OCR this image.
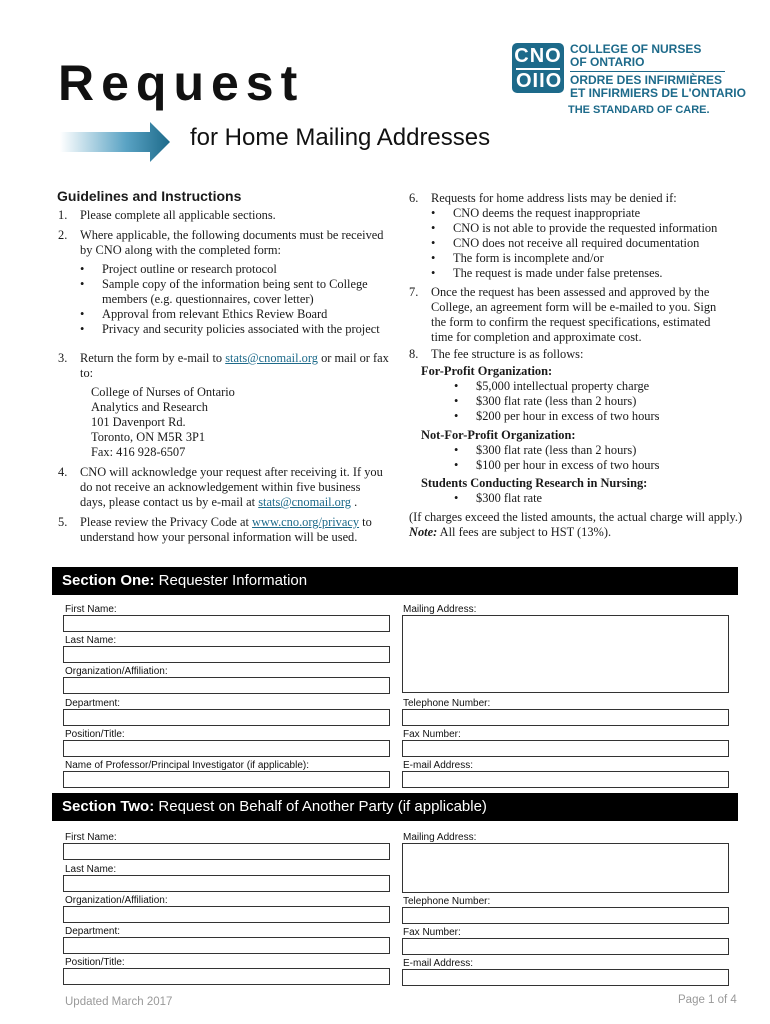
Request
for Home Mailing Addresses
CNO
OIIO
COLLEGE OF NURSES
OF ONTARIO
ORDRE DES INFIRMIÈRES
ET INFIRMIERS DE L'ONTARIO
THE STANDARD OF CARE.
Guidelines and Instructions
1. Please complete all applicable sections.
2. Where applicable, the following documents must be received
by CNO along with the completed form:
• Project outline or research protocol
• Sample copy of the information being sent to College
members (e.g. questionnaires, cover letter)
• Approval from relevant Ethics Review Board
• Privacy and security policies associated with the project
3. Return the form by e-mail to stats@cnomail.org or mail or fax
to:
College of Nurses of Ontario
Analytics and Research
101 Davenport Rd.
Toronto, ON M5R 3P1
Fax: 416 928-6507
4. CNO will acknowledge your request after receiving it. If you
do not receive an acknowledgement within five business
days, please contact us by e-mail at stats@cnomail.org .
5. Please review the Privacy Code at www.cno.org/privacy to
understand how your personal information will be used.
6. Requests for home address lists may be denied if:
• CNO deems the request inappropriate
• CNO is not able to provide the requested information
• CNO does not receive all required documentation
• The form is incomplete and/or
• The request is made under false pretenses.
7. Once the request has been assessed and approved by the
College, an agreement form will be e-mailed to you. Sign
the form to confirm the request specifications, estimated
time for completion and approximate cost.
8. The fee structure is as follows:
For-Profit Organization:
• $5,000 intellectual property charge
• $300 flat rate (less than 2 hours)
• $200 per hour in excess of two hours
Not-For-Profit Organization:
• $300 flat rate (less than 2 hours)
• $100 per hour in excess of two hours
Students Conducting Research in Nursing:
• $300 flat rate
(If charges exceed the listed amounts, the actual charge will apply.)
Note: All fees are subject to HST (13%).
Section One: Requester Information
First Name:
Last Name:
Organization/Affiliation:
Department:
Position/Title:
Name of Professor/Principal Investigator (if applicable):
Mailing Address:
Telephone Number:
Fax Number:
E-mail Address:
Section Two: Request on Behalf of Another Party (if applicable)
First Name:
Last Name:
Organization/Affiliation:
Department:
Position/Title:
Mailing Address:
Telephone Number:
Fax Number:
E-mail Address:
Updated March 2017	Page 1 of 4
